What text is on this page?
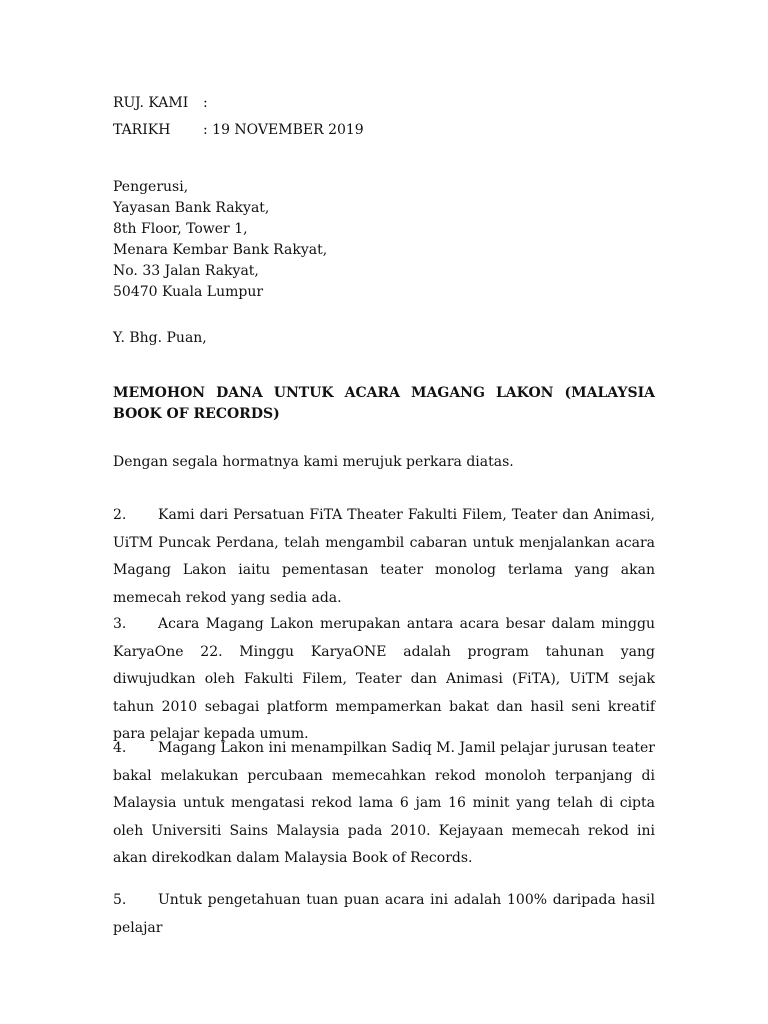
RUJ. KAMI :
TARIKH : 19 NOVEMBER 2019
Pengerusi,
Yayasan Bank Rakyat,
8th Floor, Tower 1,
Menara Kembar Bank Rakyat,
No. 33 Jalan Rakyat,
50470 Kuala Lumpur
Y. Bhg. Puan,
MEMOHON DANA UNTUK ACARA MAGANG LAKON (MALAYSIA BOOK OF RECORDS)
Dengan segala hormatnya kami merujuk perkara diatas.
2. Kami dari Persatuan FiTA Theater Fakulti Filem, Teater dan Animasi, UiTM Puncak Perdana, telah mengambil cabaran untuk menjalankan acara Magang Lakon iaitu pementasan teater monolog terlama yang akan memecah rekod yang sedia ada.
3. Acara Magang Lakon merupakan antara acara besar dalam minggu KaryaOne 22. Minggu KaryaONE adalah program tahunan yang diwujudkan oleh Fakulti Filem, Teater dan Animasi (FiTA), UiTM sejak tahun 2010 sebagai platform mempamerkan bakat dan hasil seni kreatif para pelajar kepada umum.
4. Magang Lakon ini menampilkan Sadiq M. Jamil pelajar jurusan teater bakal melakukan percubaan memecahkan rekod monoloh terpanjang di Malaysia untuk mengatasi rekod lama 6 jam 16 minit yang telah di cipta oleh Universiti Sains Malaysia pada 2010. Kejayaan memecah rekod ini akan direkodkan dalam Malaysia Book of Records.
5. Untuk pengetahuan tuan puan acara ini adalah 100% daripada hasil pelajar
